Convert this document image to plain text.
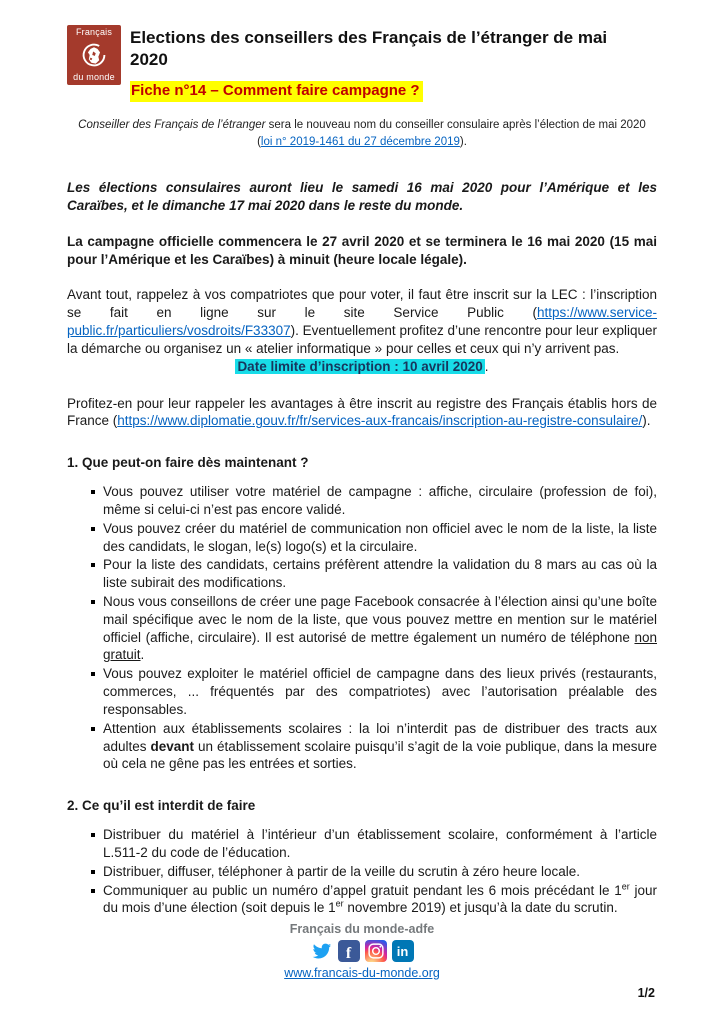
Français
du monde
Elections des conseillers des Français de l’étranger de mai 2020
Fiche n°14 – Comment faire campagne ?
Conseiller des Français de l’étranger sera le nouveau nom du conseiller consulaire après l’élection de mai 2020
(loi n° 2019-1461 du 27 décembre 2019).
Les élections consulaires auront lieu le samedi 16 mai 2020 pour l’Amérique et les Caraïbes, et le dimanche 17 mai 2020 dans le reste du monde.
La campagne officielle commencera le 27 avril 2020 et se terminera le 16 mai 2020 (15 mai pour l’Amérique et les Caraïbes) à minuit (heure locale légale).
Avant tout, rappelez à vos compatriotes que pour voter, il faut être inscrit sur la LEC : l’inscription se fait en ligne sur le site Service Public (https://www.service-public.fr/particuliers/vosdroits/F33307). Eventuellement profitez d’une rencontre pour leur expliquer la démarche ou organisez un « atelier informatique » pour celles et ceux qui n’y arrivent pas.
Date limite d’inscription : 10 avril 2020 .
Profitez-en pour leur rappeler les avantages à être inscrit au registre des Français établis hors de France (https://www.diplomatie.gouv.fr/fr/services-aux-francais/inscription-au-registre-consulaire/).
1. Que peut-on faire dès maintenant ?
Vous pouvez utiliser votre matériel de campagne : affiche, circulaire (profession de foi), même si celui-ci n’est pas encore validé.
Vous pouvez créer du matériel de communication non officiel avec le nom de la liste, la liste des candidats, le slogan, le(s) logo(s) et la circulaire.
Pour la liste des candidats, certains préfèrent attendre la validation du 8 mars au cas où la liste subirait des modifications.
Nous vous conseillons de créer une page Facebook consacrée à l’élection ainsi qu’une boîte mail spécifique avec le nom de la liste, que vous pouvez mettre en mention sur le matériel officiel (affiche, circulaire). Il est autorisé de mettre également un numéro de téléphone non gratuit.
Vous pouvez exploiter le matériel officiel de campagne dans des lieux privés (restaurants, commerces, ... fréquentés par des compatriotes) avec l’autorisation préalable des responsables.
Attention aux établissements scolaires : la loi n’interdit pas de distribuer des tracts aux adultes devant un établissement scolaire puisqu’il s’agit de la voie publique, dans la mesure où cela ne gêne pas les entrées et sorties.
2. Ce qu’il est interdit de faire
Distribuer du matériel à l’intérieur d’un établissement scolaire, conformément à l’article L.511-2 du code de l’éducation.
Distribuer, diffuser, téléphoner à partir de la veille du scrutin à zéro heure locale.
Communiquer au public un numéro d’appel gratuit pendant les 6 mois précédant le 1er jour du mois d’une élection (soit depuis le 1er novembre 2019) et jusqu’à la date du scrutin.
Français du monde-adfe
f	in
www.francais-du-monde.org
1/2
